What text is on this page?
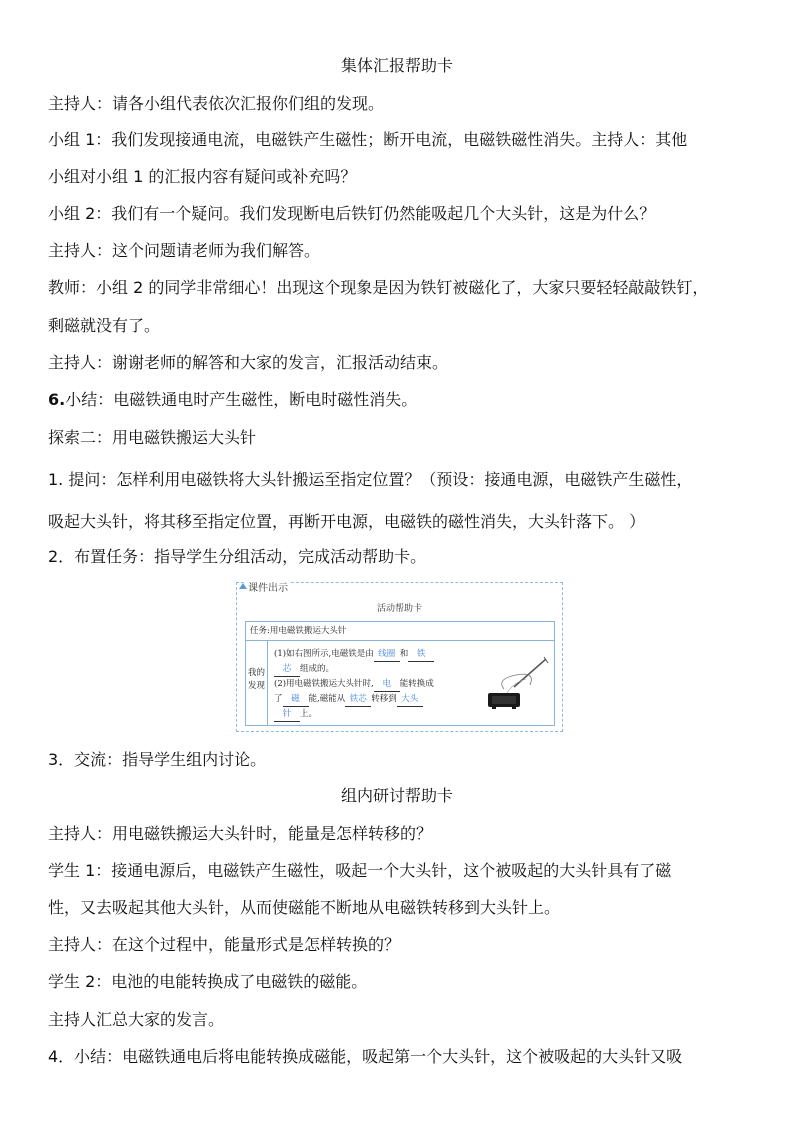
集体汇报帮助卡
主持人：请各小组代表依次汇报你们组的发现。
小组 1：我们发现接通电流，电磁铁产生磁性；断开电流，电磁铁磁性消失。主持人：其他
小组对小组 1 的汇报内容有疑问或补充吗？
小组 2：我们有一个疑问。我们发现断电后铁钉仍然能吸起几个大头针，这是为什么？
主持人：这个问题请老师为我们解答。
教师：小组 2 的同学非常细心！出现这个现象是因为铁钉被磁化了，大家只要轻轻敲敲铁钉，
剩磁就没有了。
主持人：谢谢老师的解答和大家的发言，汇报活动结束。
6.小结：电磁铁通电时产生磁性，断电时磁性消失。
探索二：用电磁铁搬运大头针
1. 提问：怎样利用电磁铁将大头针搬运至指定位置？（预设：接通电源，电磁铁产生磁性，
吸起大头针，将其移至指定位置，再断开电源，电磁铁的磁性消失，大头针落下。 ）
2．布置任务：指导学生分组活动，完成活动帮助卡。
课件出示
活动帮助卡
任务:用电磁铁搬运大头针
我的
发现
(1)如右图所示,电磁铁是由 线圈 和 铁
芯 组成的。
(2)用电磁铁搬运大头针时, 电 能转换成
了 磁 能,磁能从 铁芯 转移到 大头
针 上。
3．交流：指导学生组内讨论。
组内研讨帮助卡
主持人：用电磁铁搬运大头针时，能量是怎样转移的？
学生 1：接通电源后，电磁铁产生磁性，吸起一个大头针，这个被吸起的大头针具有了磁
性，又去吸起其他大头针，从而使磁能不断地从电磁铁转移到大头针上。
主持人：在这个过程中，能量形式是怎样转换的？
学生 2：电池的电能转换成了电磁铁的磁能。
主持人汇总大家的发言。
4．小结：电磁铁通电后将电能转换成磁能，吸起第一个大头针，这个被吸起的大头针又吸
